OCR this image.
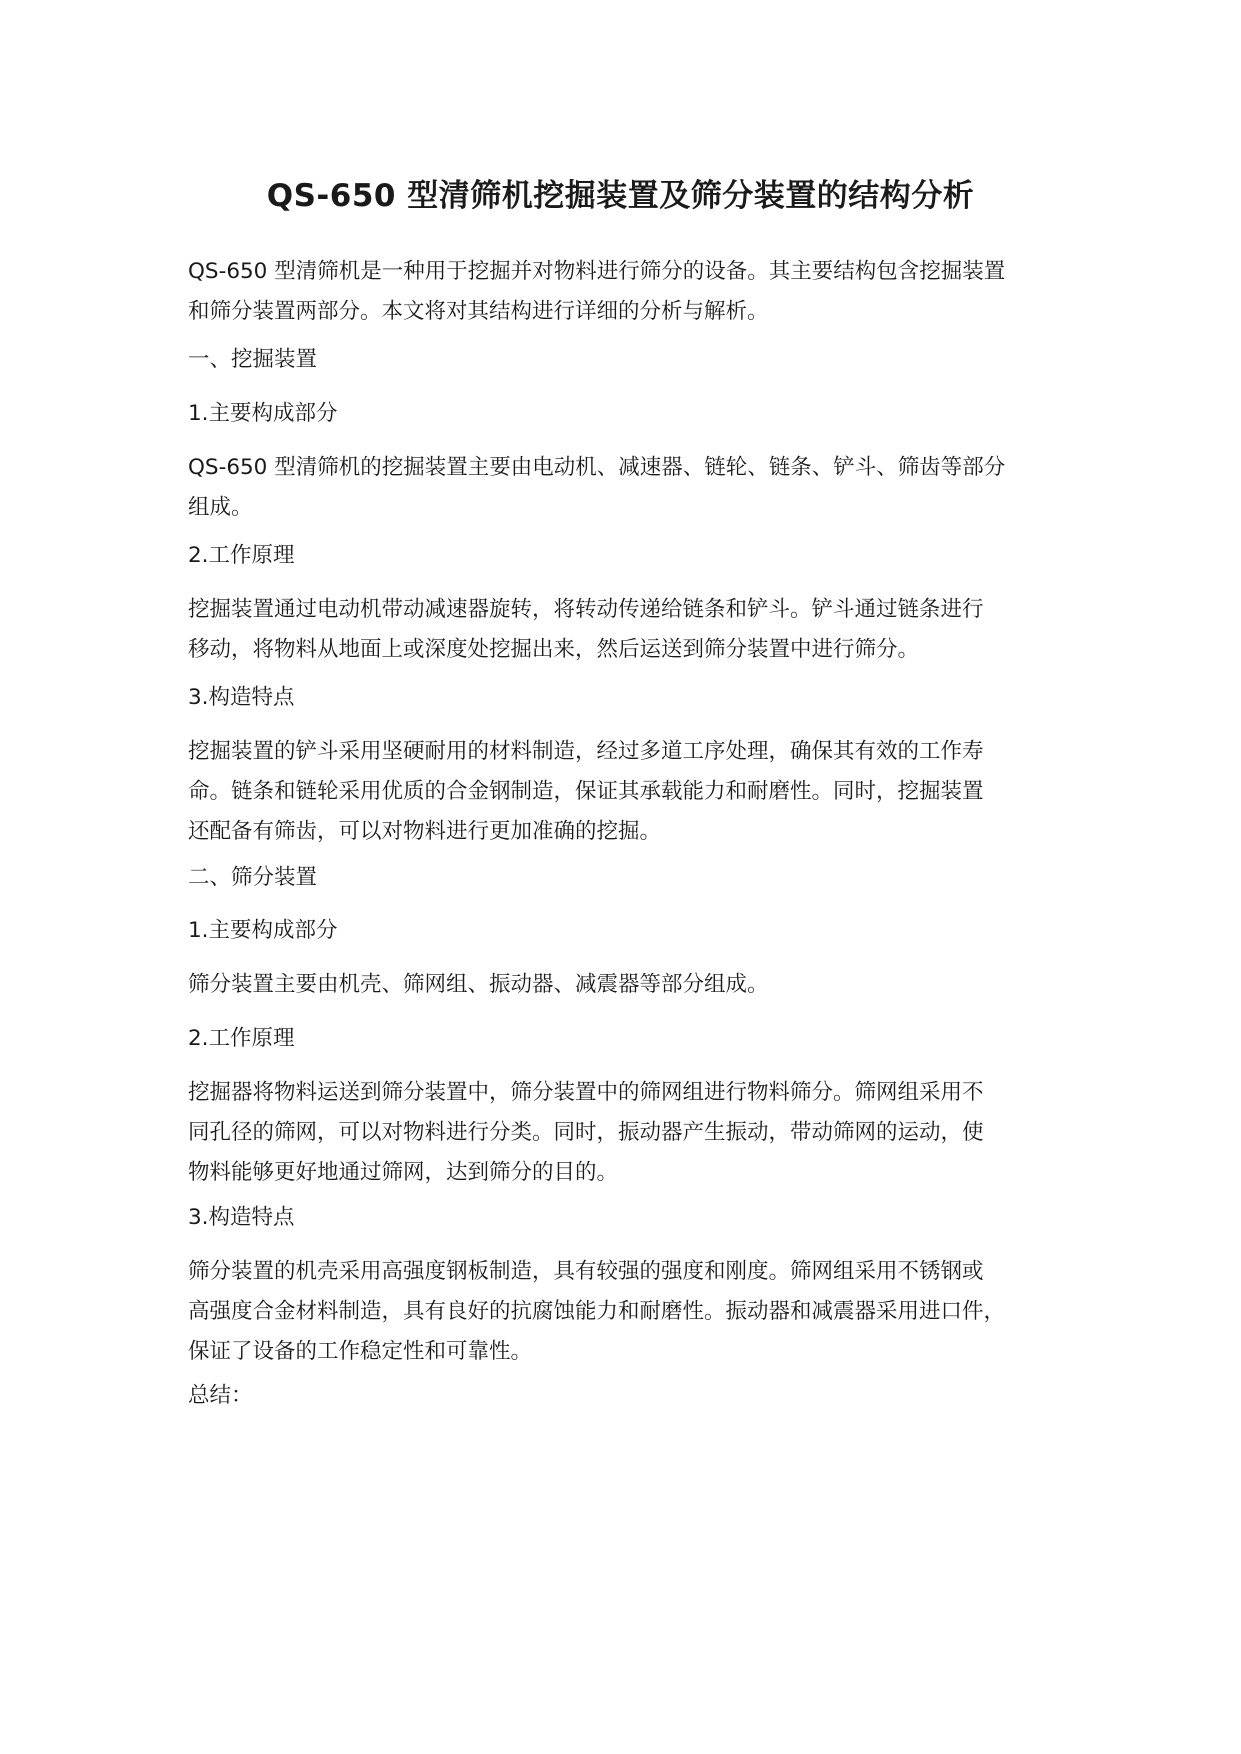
QS-650 型清筛机挖掘装置及筛分装置的结构分析

QS-650 型清筛机是一种用于挖掘并对物料进行筛分的设备。其主要结构包含挖掘装置
和筛分装置两部分。本文将对其结构进行详细的分析与解析。

一、挖掘装置

1.主要构成部分

QS-650 型清筛机的挖掘装置主要由电动机、减速器、链轮、链条、铲斗、筛齿等部分
组成。

2.工作原理

挖掘装置通过电动机带动减速器旋转，将转动传递给链条和铲斗。铲斗通过链条进行
移动，将物料从地面上或深度处挖掘出来，然后运送到筛分装置中进行筛分。

3.构造特点

挖掘装置的铲斗采用坚硬耐用的材料制造，经过多道工序处理，确保其有效的工作寿
命。链条和链轮采用优质的合金钢制造，保证其承载能力和耐磨性。同时，挖掘装置
还配备有筛齿，可以对物料进行更加准确的挖掘。

二、筛分装置

1.主要构成部分

筛分装置主要由机壳、筛网组、振动器、减震器等部分组成。

2.工作原理

挖掘器将物料运送到筛分装置中，筛分装置中的筛网组进行物料筛分。筛网组采用不
同孔径的筛网，可以对物料进行分类。同时，振动器产生振动，带动筛网的运动，使
物料能够更好地通过筛网，达到筛分的目的。

3.构造特点

筛分装置的机壳采用高强度钢板制造，具有较强的强度和刚度。筛网组采用不锈钢或
高强度合金材料制造，具有良好的抗腐蚀能力和耐磨性。振动器和减震器采用进口件，
保证了设备的工作稳定性和可靠性。

总结：
